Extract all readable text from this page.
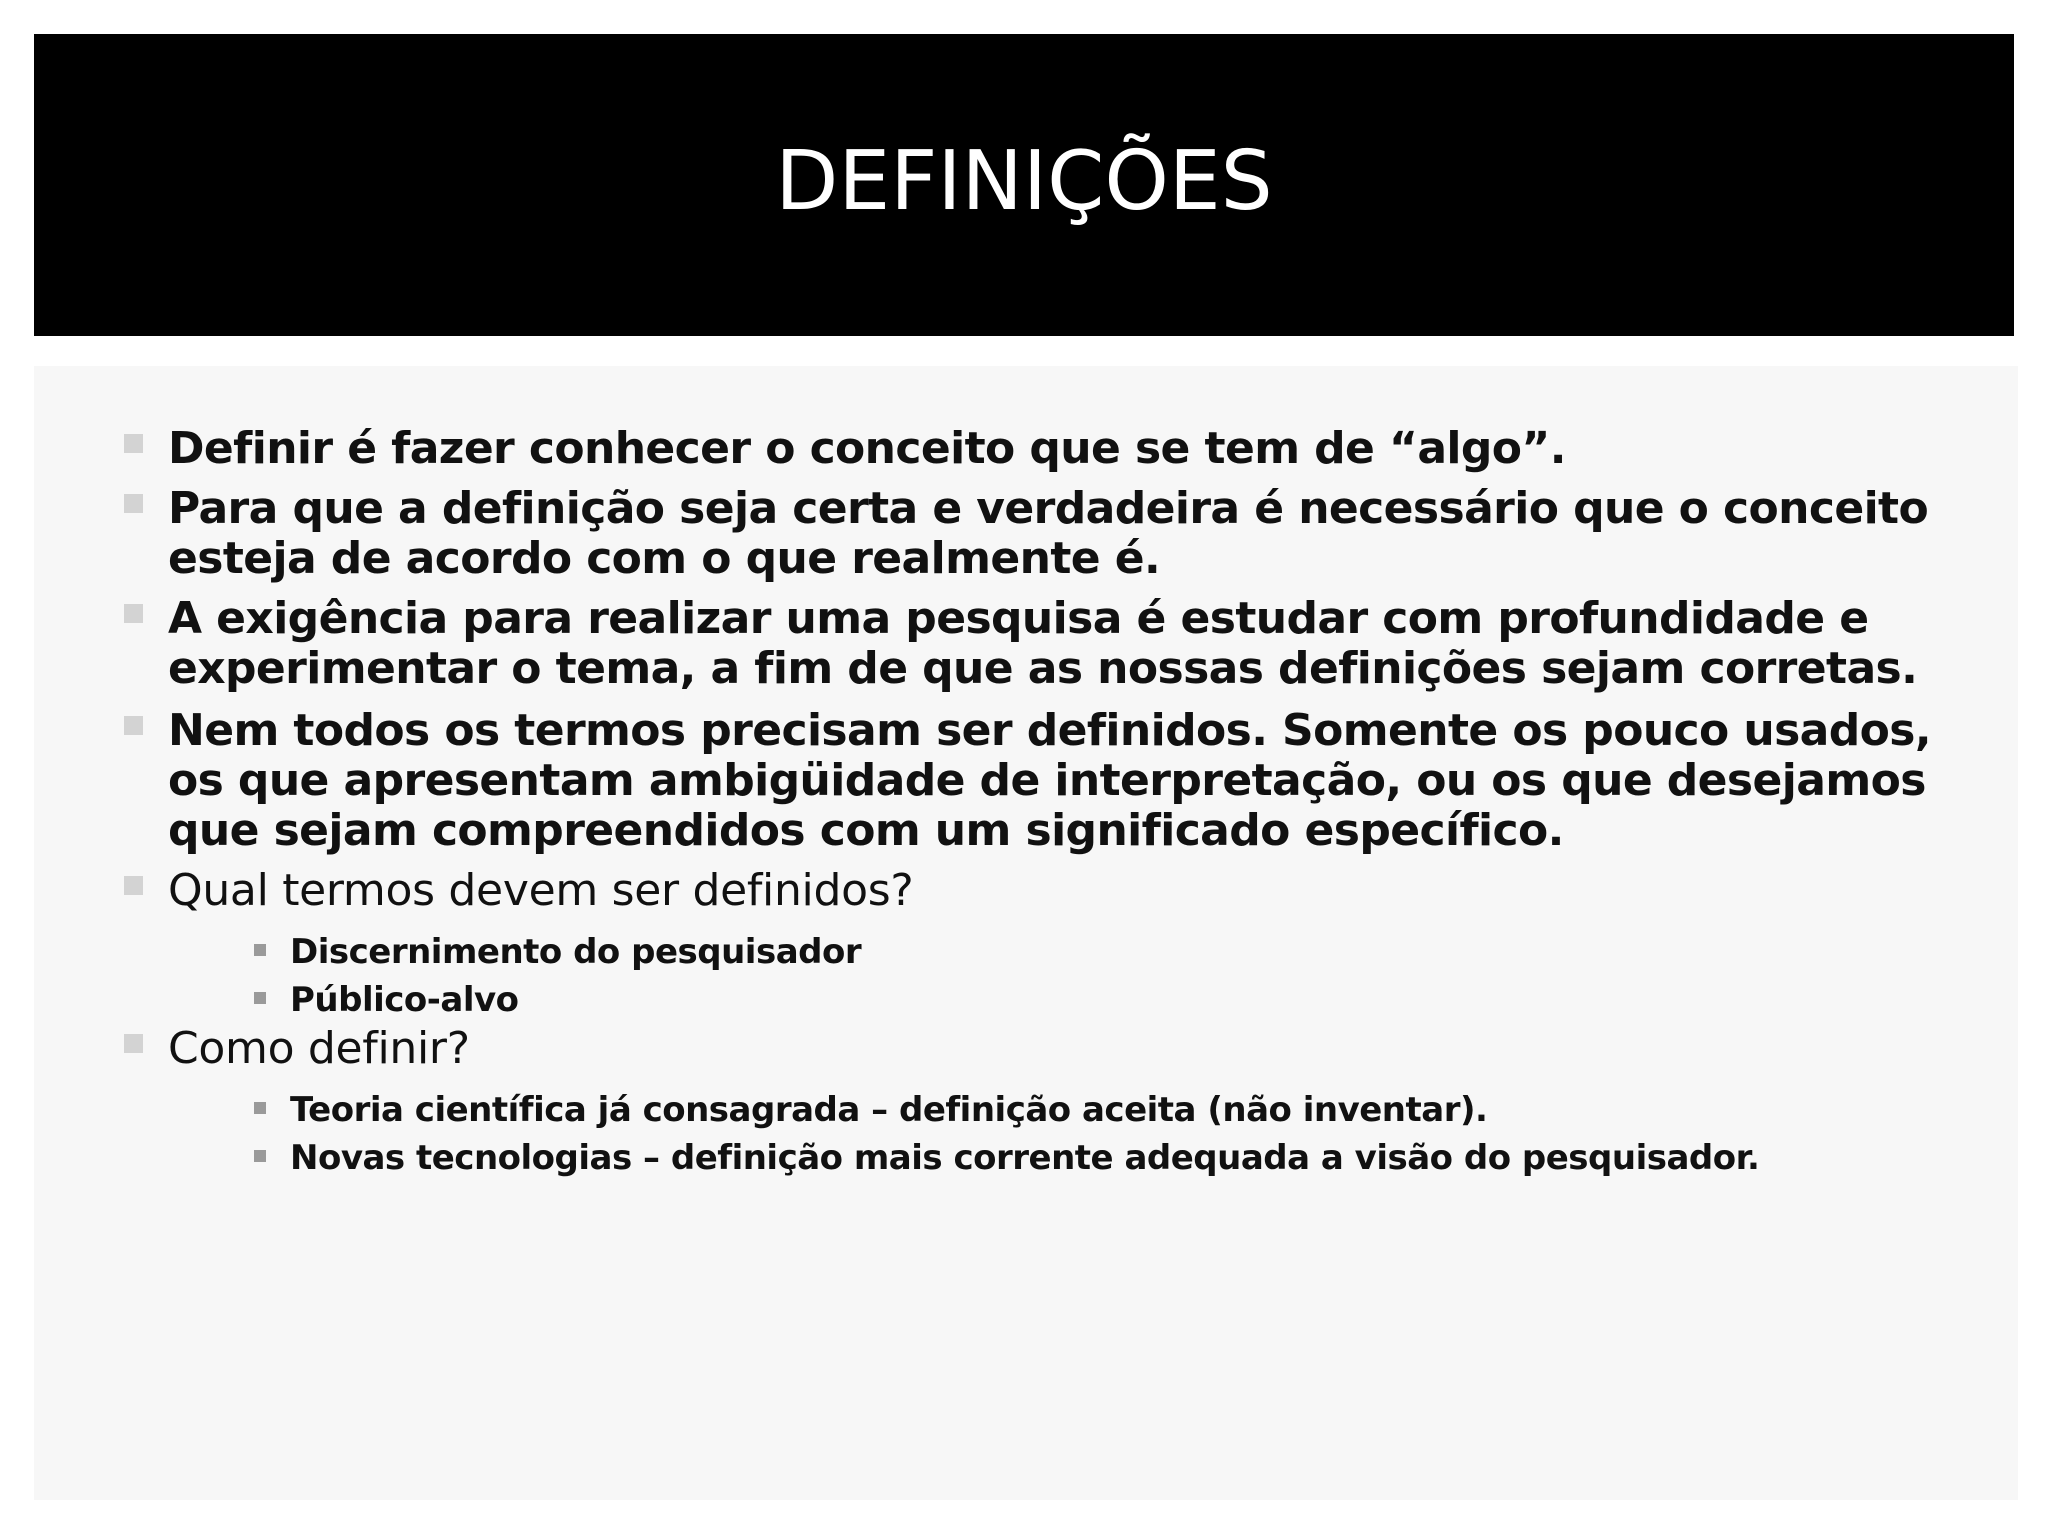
DEFINIÇÕES
Definir é fazer conhecer o conceito que se tem de “algo”.
Para que a definição seja certa e verdadeira é necessário que o conceito esteja de acordo com o que realmente é.
A exigência para realizar uma pesquisa é estudar com profundidade e experimentar o tema, a fim de que as nossas definições sejam corretas.
Nem todos os termos precisam ser definidos. Somente os pouco usados, os que apresentam ambigüidade de interpretação, ou os que desejamos que sejam compreendidos com um significado específico.
Qual termos devem ser definidos?
Discernimento do pesquisador
Público-alvo
Como definir?
Teoria científica já consagrada – definição aceita (não inventar).
Novas tecnologias – definição mais corrente adequada a visão do pesquisador.
